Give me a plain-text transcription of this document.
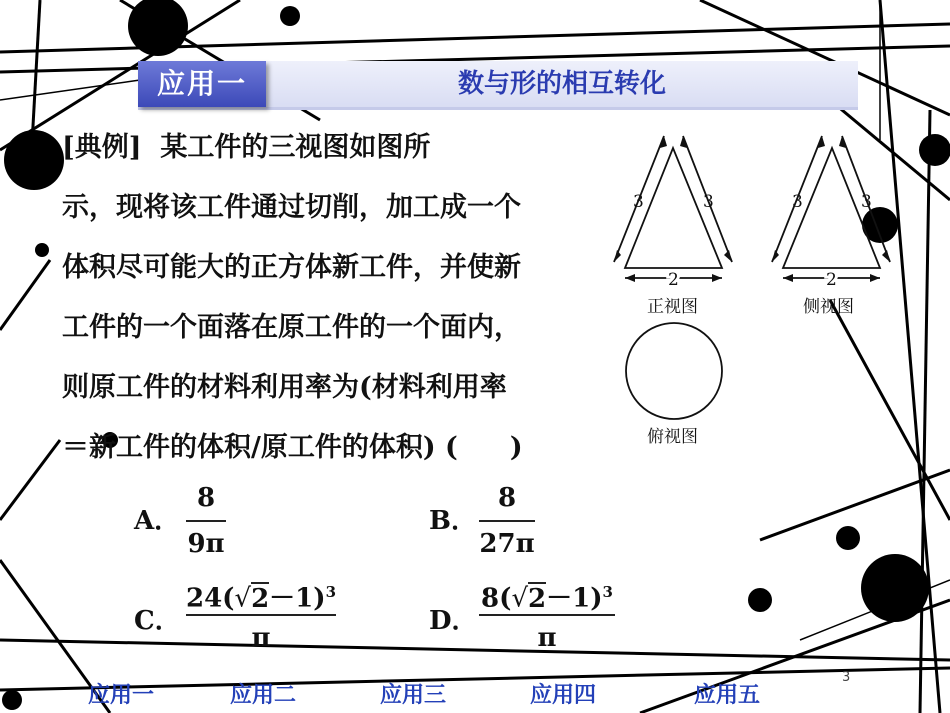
应用一	数与形的相互转化
[典例] 某工件的三视图如图所
示，现将该工件通过切削，加工成一个
体积尽可能大的正方体新工件，并使新
工件的一个面落在原工件的一个面内，
则原工件的材料利用率为(材料利用率
＝新工件的体积/原工件的体积) ( )
3	3
2
3	3
2
正视图	侧视图
俯视图
A．
8
9π
B．
8
27π
C．
$24(√2-1)^3$
π
D．
$8(√2-1)^3$
π
应用一	应用二	应用三	应用四	应用五
3
